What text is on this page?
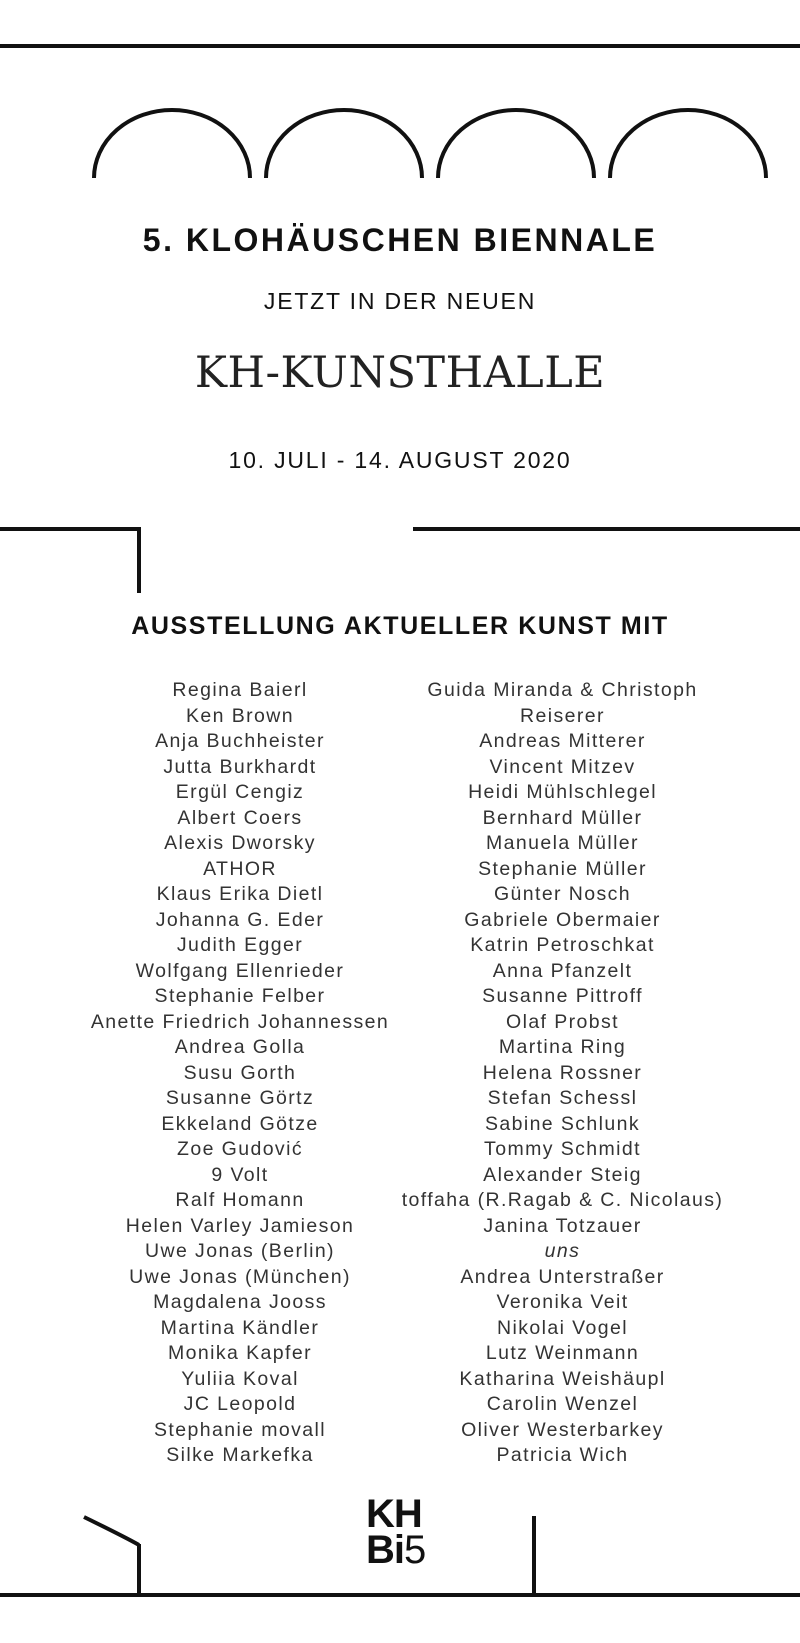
5. KLOHÄUSCHEN BIENNALE
JETZT IN DER NEUEN
KH-KUNSTHALLE
10. JULI - 14. AUGUST 2020
AUSSTELLUNG AKTUELLER KUNST MIT
Regina Baierl
Ken Brown
Anja Buchheister
Jutta Burkhardt
Ergül Cengiz
Albert Coers
Alexis Dworsky
ATHOR
Klaus Erika Dietl
Johanna G. Eder
Judith Egger
Wolfgang Ellenrieder
Stephanie Felber
Anette Friedrich Johannessen
Andrea Golla
Susu Gorth
Susanne Görtz
Ekkeland Götze
Zoe Gudović
9 Volt
Ralf Homann
Helen Varley Jamieson
Uwe Jonas (Berlin)
Uwe Jonas (München)
Magdalena Jooss
Martina Kändler
Monika Kapfer
Yuliia Koval
JC Leopold
Stephanie movall
Silke Markefka
Guida Miranda & Christoph
Reiserer
Andreas Mitterer
Vincent Mitzev
Heidi Mühlschlegel
Bernhard Müller
Manuela Müller
Stephanie Müller
Günter Nosch
Gabriele Obermaier
Katrin Petroschkat
Anna Pfanzelt
Susanne Pittroff
Olaf Probst
Martina Ring
Helena Rossner
Stefan Schessl
Sabine Schlunk
Tommy Schmidt
Alexander Steig
toffaha (R.Ragab & C. Nicolaus)
Janina Totzauer
uns
Andrea Unterstraßer
Veronika Veit
Nikolai Vogel
Lutz Weinmann
Katharina Weishäupl
Carolin Wenzel
Oliver Westerbarkey
Patricia Wich
KH
Bi5
